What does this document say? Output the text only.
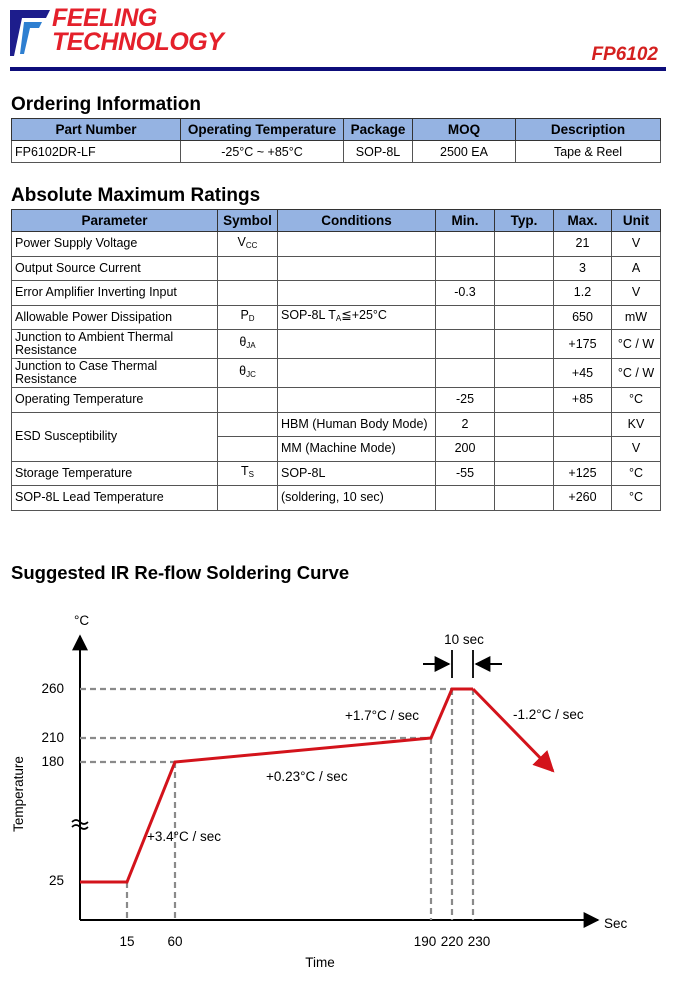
FEELING
TECHNOLOGY	FP6102
Ordering Information
Part Number	Operating Temperature	Package	MOQ	Description
FP6102DR-LF	-25°C ~ +85°C	SOP-8L	2500 EA	Tape & Reel
Absolute Maximum Ratings
Parameter	Symbol	Conditions	Min.	Typ.	Max.	Unit
Power Supply Voltage	$V_{CC}$				21	V
Output Source Current					3	A
Error Amplifier Inverting Input			-0.3		1.2	V
Allowable Power Dissipation	$P_D$	SOP-8L $T_A≦+25^\circ C$			650	mW
Junction to Ambient Thermal Resistance	$\theta_{JA}$				+175	°C / W
Junction to Case Thermal Resistance	$\theta_{JC}$				+45	°C / W
Operating Temperature			-25		+85	°C
ESD Susceptibility		HBM (Human Body Mode)	2			KV
		MM (Machine Mode)	200			V
Storage Temperature	$T_S$	SOP-8L	-55		+125	°C
SOP-8L Lead Temperature		(soldering, 10 sec)			+260	°C
Suggested IR Re-flow Soldering Curve
°C
Sec
Time
Temperature
260
210
180
25
15 60	190 220 230
10 sec
+3.4°C / sec
+0.23°C / sec
+1.7°C / sec	-1.2°C / sec
